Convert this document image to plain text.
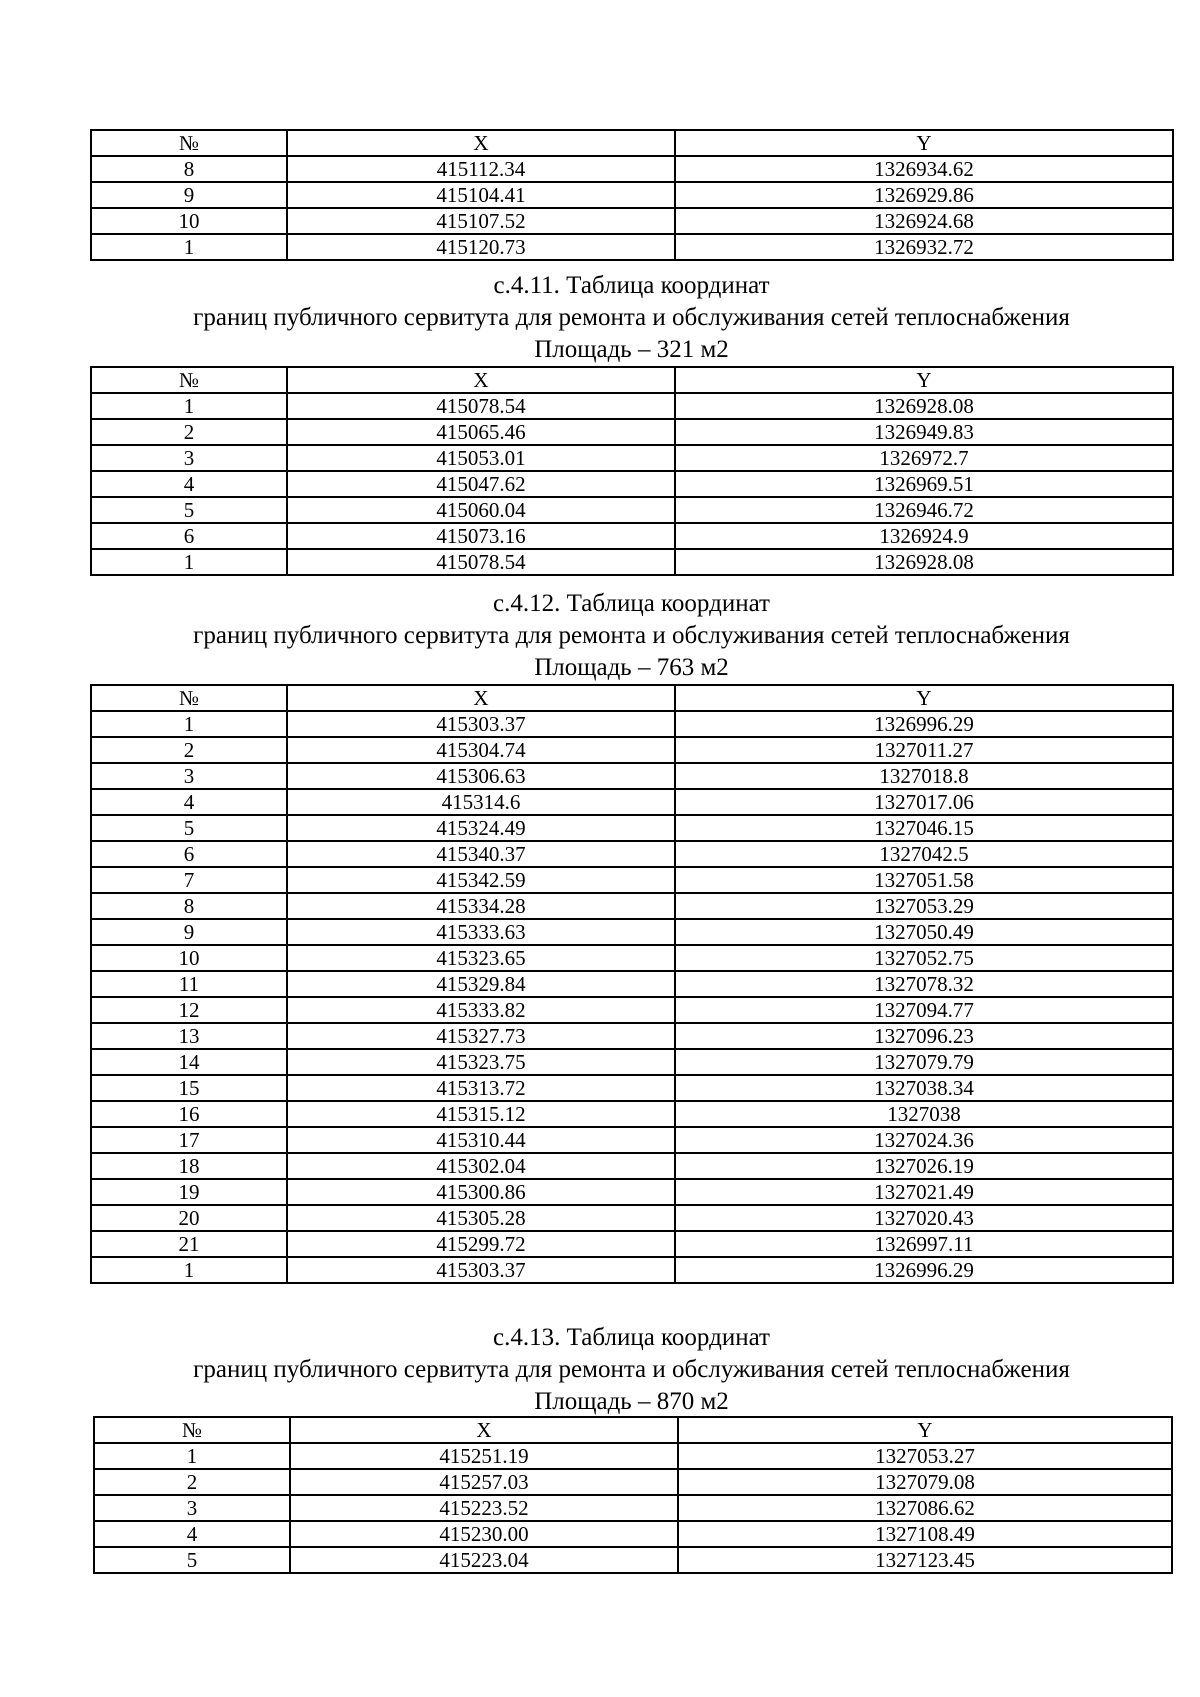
№	X	Y
8	415112.34	1326934.62
9	415104.41	1326929.86
10	415107.52	1326924.68
1	415120.73	1326932.72
с.4.11. Таблица координат
границ публичного сервитута для ремонта и обслуживания сетей теплоснабжения
Площадь – 321 м2
№	X	Y
1	415078.54	1326928.08
2	415065.46	1326949.83
3	415053.01	1326972.7
4	415047.62	1326969.51
5	415060.04	1326946.72
6	415073.16	1326924.9
1	415078.54	1326928.08
с.4.12. Таблица координат
границ публичного сервитута для ремонта и обслуживания сетей теплоснабжения
Площадь – 763 м2
№	X	Y
1	415303.37	1326996.29
2	415304.74	1327011.27
3	415306.63	1327018.8
4	415314.6	1327017.06
5	415324.49	1327046.15
6	415340.37	1327042.5
7	415342.59	1327051.58
8	415334.28	1327053.29
9	415333.63	1327050.49
10	415323.65	1327052.75
11	415329.84	1327078.32
12	415333.82	1327094.77
13	415327.73	1327096.23
14	415323.75	1327079.79
15	415313.72	1327038.34
16	415315.12	1327038
17	415310.44	1327024.36
18	415302.04	1327026.19
19	415300.86	1327021.49
20	415305.28	1327020.43
21	415299.72	1326997.11
1	415303.37	1326996.29
с.4.13. Таблица координат
границ публичного сервитута для ремонта и обслуживания сетей теплоснабжения
Площадь – 870 м2
№	X	Y
1	415251.19	1327053.27
2	415257.03	1327079.08
3	415223.52	1327086.62
4	415230.00	1327108.49
5	415223.04	1327123.45
